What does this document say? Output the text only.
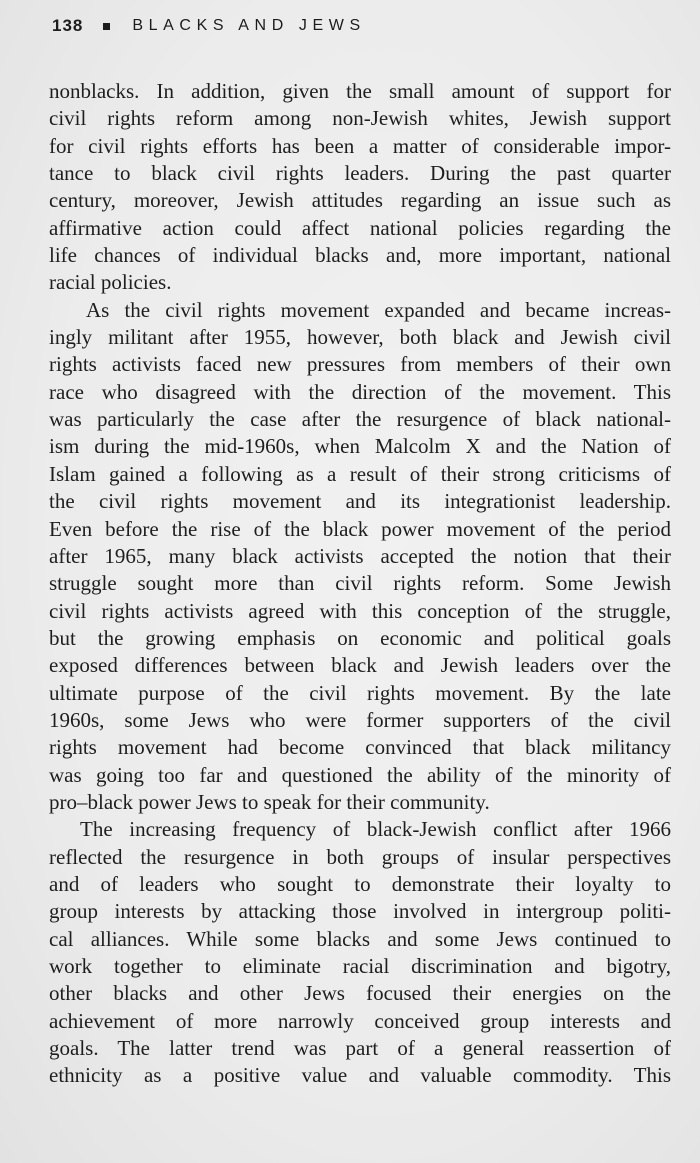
138	BLACKS AND JEWS
nonblacks. In addition, given the small amount of support for
civil rights reform among non-Jewish whites, Jewish support
for civil rights efforts has been a matter of considerable impor-
tance to black civil rights leaders. During the past quarter
century, moreover, Jewish attitudes regarding an issue such as
affirmative action could affect national policies regarding the
life chances of individual blacks and, more important, national
racial policies.
As the civil rights movement expanded and became increas-
ingly militant after 1955, however, both black and Jewish civil
rights activists faced new pressures from members of their own
race who disagreed with the direction of the movement. This
was particularly the case after the resurgence of black national-
ism during the mid-1960s, when Malcolm X and the Nation of
Islam gained a following as a result of their strong criticisms of
the civil rights movement and its integrationist leadership.
Even before the rise of the black power movement of the period
after 1965, many black activists accepted the notion that their
struggle sought more than civil rights reform. Some Jewish
civil rights activists agreed with this conception of the struggle,
but the growing emphasis on economic and political goals
exposed differences between black and Jewish leaders over the
ultimate purpose of the civil rights movement. By the late
1960s, some Jews who were former supporters of the civil
rights movement had become convinced that black militancy
was going too far and questioned the ability of the minority of
pro–black power Jews to speak for their community.
The increasing frequency of black-Jewish conflict after 1966
reflected the resurgence in both groups of insular perspectives
and of leaders who sought to demonstrate their loyalty to
group interests by attacking those involved in intergroup politi-
cal alliances. While some blacks and some Jews continued to
work together to eliminate racial discrimination and bigotry,
other blacks and other Jews focused their energies on the
achievement of more narrowly conceived group interests and
goals. The latter trend was part of a general reassertion of
ethnicity as a positive value and valuable commodity. This
